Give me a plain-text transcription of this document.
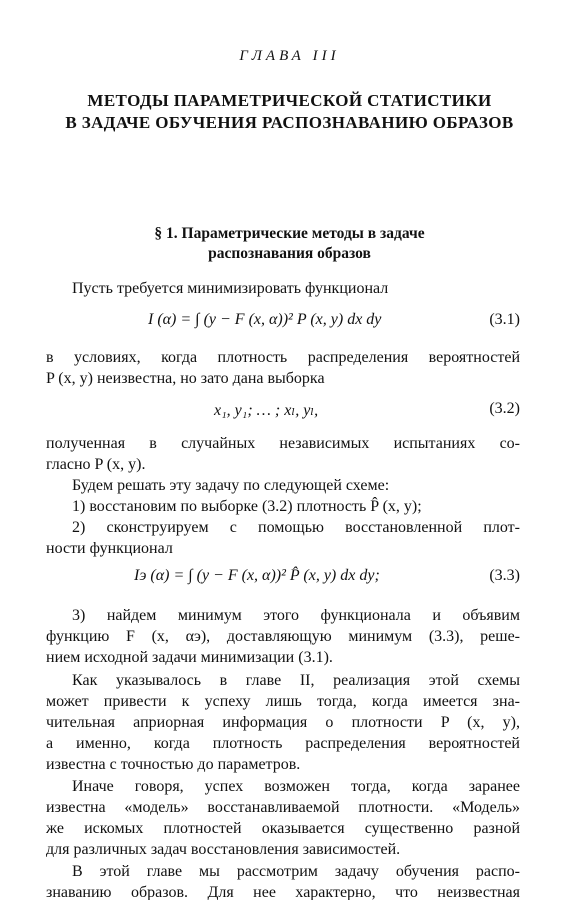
ГЛАВА III
МЕТОДЫ ПАРАМЕТРИЧЕСКОЙ СТАТИСТИКИ
В ЗАДАЧЕ ОБУЧЕНИЯ РАСПОЗНАВАНИЮ ОБРАЗОВ
§ 1. Параметрические методы в задаче
распознавания образов
Пусть требуется минимизировать функционал
I (α) = ∫ (y − F (x, α))² P (x, y) dx dy	(3.1)
в условиях, когда плотность распределения вероятностей
P (x, y) неизвестна, но зато дана выборка
x₁, y₁; … ; xₗ, yₗ,	(3.2)
полученная в случайных независимых испытаниях со-
гласно P (x, y).
Будем решать эту задачу по следующей схеме:
1) восстановим по выборке (3.2) плотность P̂ (x, y);
2) сконструируем с помощью восстановленной плот-
ности функционал
Iэ (α) = ∫ (y − F (x, α))² P̂ (x, y) dx dy;	(3.3)
3) найдем минимум этого функционала и объявим
функцию F (x, αэ), доставляющую минимум (3.3), реше-
нием исходной задачи минимизации (3.1).
Как указывалось в главе II, реализация этой схемы
может привести к успеху лишь тогда, когда имеется зна-
чительная априорная информация о плотности P (x, y),
а именно, когда плотность распределения вероятностей
известна с точностью до параметров.
Иначе говоря, успех возможен тогда, когда заранее
известна «модель» восстанавливаемой плотности. «Модель»
же искомых плотностей оказывается существенно разной
для различных задач восстановления зависимостей.
В этой главе мы рассмотрим задачу обучения распо-
знаванию образов. Для нее характерно, что неизвестная
